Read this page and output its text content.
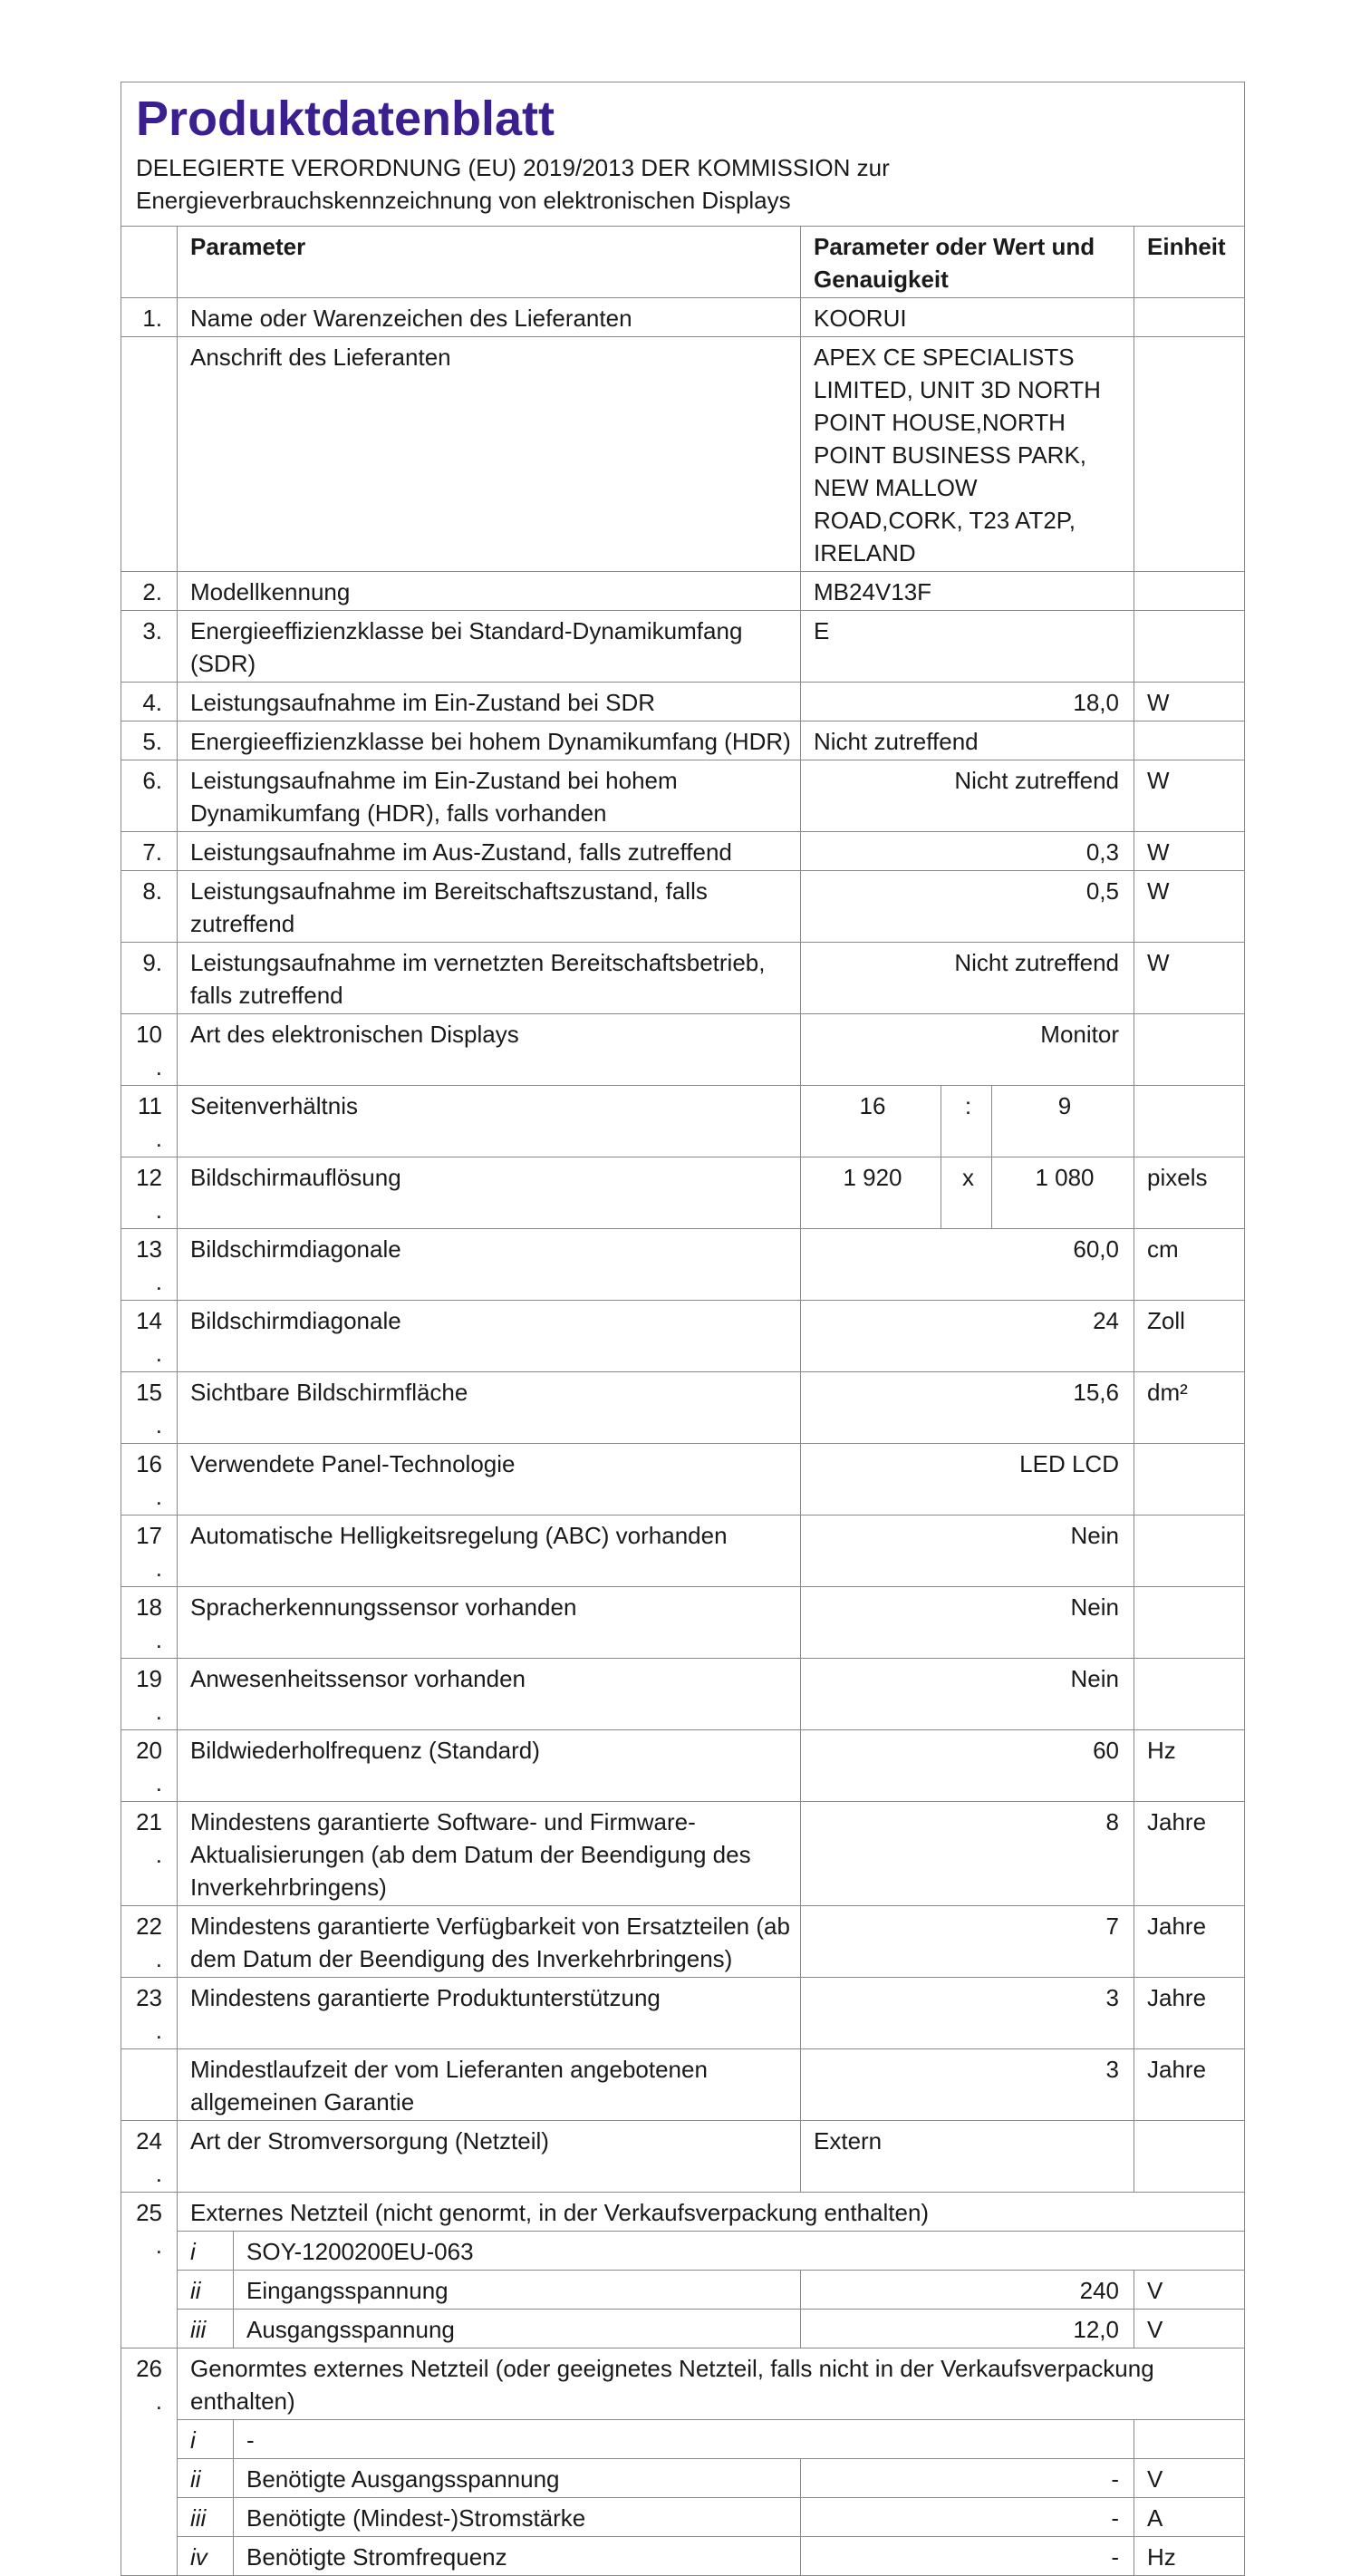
Produktdatenblatt
DELEGIERTE VERORDNUNG (EU) 2019/2013 DER KOMMISSION zur
Energieverbrauchskennzeichnung von elektronischen Displays						

	Parameter		Parameter oder Wert und Genauigkeit			Einheit
1.	Name oder Warenzeichen des Lieferanten		KOORUI			
	Anschrift des Lieferanten		APEX CE SPECIALISTS LIMITED, UNIT 3D NORTH POINT HOUSE,NORTH POINT BUSINESS PARK, NEW MALLOW ROAD,CORK, T23 AT2P, IRELAND			
2.	Modellkennung		MB24V13F			
3.	Energieeffizienzklasse bei Standard-Dynamikumfang (SDR)		E			
4.	Leistungsaufnahme im Ein-Zustand bei SDR		18,0			W
5.	Energieeffizienzklasse bei hohem Dynamikumfang (HDR)		Nicht zutreffend			
6.	Leistungsaufnahme im Ein-Zustand bei hohem Dynamikumfang (HDR), falls vorhanden		Nicht zutreffend			W
7.	Leistungsaufnahme im Aus-Zustand, falls zutreffend		0,3			W
8.	Leistungsaufnahme im Bereitschaftszustand, falls zutreffend		0,5			W
9.	Leistungsaufnahme im vernetzten Bereitschaftsbetrieb, falls zutreffend		Nicht zutreffend			W
10.	Art des elektronischen Displays		Monitor			
11.	Seitenverhältnis		16	:	9	
12.	Bildschirmauflösung		1 920	x	1 080	pixels
13.	Bildschirmdiagonale		60,0			cm
14.	Bildschirmdiagonale		24			Zoll
15.	Sichtbare Bildschirmfläche		15,6			dm²
16.	Verwendete Panel-Technologie		LED LCD			
17.	Automatische Helligkeitsregelung (ABC) vorhanden		Nein			
18.	Spracherkennungssensor vorhanden		Nein			
19.	Anwesenheitssensor vorhanden		Nein			
20.	Bildwiederholfrequenz (Standard)		60			Hz
21.	Mindestens garantierte Software- und Firmware-Aktualisierungen (ab dem Datum der Beendigung des Inverkehrbringens)		8			Jahre
22.	Mindestens garantierte Verfügbarkeit von Ersatzteilen (ab dem Datum der Beendigung des Inverkehrbringens)		7			Jahre
23.	Mindestens garantierte Produktunterstützung		3			Jahre
	Mindestlaufzeit der vom Lieferanten angebotenen allgemeinen Garantie		3			Jahre
24.	Art der Stromversorgung (Netzteil)		Extern			
25.	Externes Netzteil (nicht genormt, in der Verkaufsverpackung enthalten)					
	i	SOY-1200200EU-063				
	ii	Eingangsspannung	240			V
	iii	Ausgangsspannung	12,0			V
26.	Genormtes externes Netzteil (oder geeignetes Netzteil, falls nicht in der Verkaufsverpackung enthalten)					
	i	-				
	ii	Benötigte Ausgangsspannung	-			V
	iii	Benötigte (Mindest-)Stromstärke	-			A
	iv	Benötigte Stromfrequenz	-			Hz
